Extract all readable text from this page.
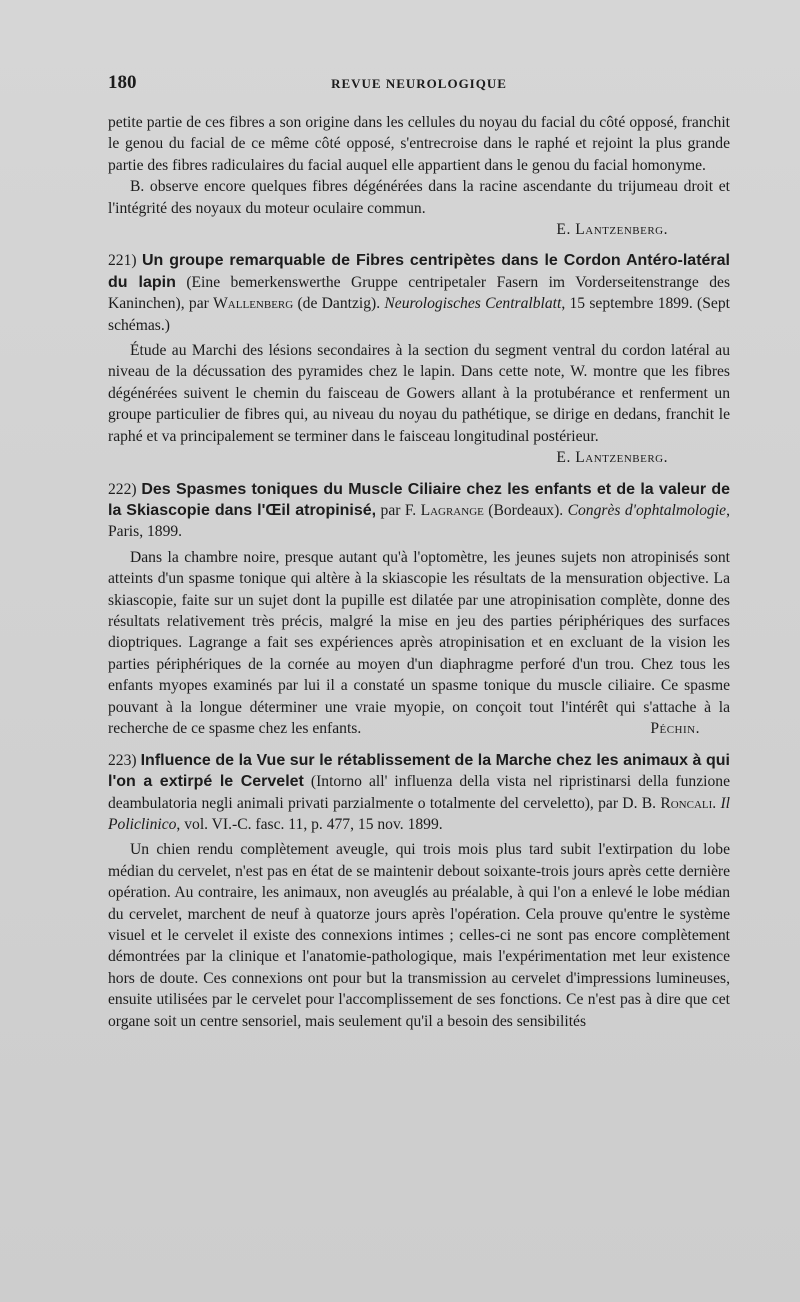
180	REVUE NEUROLOGIQUE

petite partie de ces fibres a son origine dans les cellules du noyau du facial du côté opposé, franchit le genou du facial de ce même côté opposé, s'entrecroise dans le raphé et rejoint la plus grande partie des fibres radiculaires du facial auquel elle appartient dans le genou du facial homonyme.

B. observe encore quelques fibres dégénérées dans la racine ascendante du trijumeau droit et l'intégrité des noyaux du moteur oculaire commun.

E. Lantzenberg.

221) Un groupe remarquable de Fibres centripètes dans le Cordon Antéro-latéral du lapin (Eine bemerkenswerthe Gruppe centripetaler Fasern im Vorderseitenstrange des Kaninchen), par Wallenberg (de Dantzig). Neurologisches Centralblatt, 15 septembre 1899. (Sept schémas.)

Étude au Marchi des lésions secondaires à la section du segment ventral du cordon latéral au niveau de la décussation des pyramides chez le lapin. Dans cette note, W. montre que les fibres dégénérées suivent le chemin du faisceau de Gowers allant à la protubérance et renferment un groupe particulier de fibres qui, au niveau du noyau du pathétique, se dirige en dedans, franchit le raphé et va principalement se terminer dans le faisceau longitudinal postérieur.

E. Lantzenberg.

222) Des Spasmes toniques du Muscle Ciliaire chez les enfants et de la valeur de la Skiascopie dans l'Œil atropinisé, par F. Lagrange (Bordeaux). Congrès d'ophtalmologie, Paris, 1899.

Dans la chambre noire, presque autant qu'à l'optomètre, les jeunes sujets non atropinisés sont atteints d'un spasme tonique qui altère à la skiascopie les résultats de la mensuration objective. La skiascopie, faite sur un sujet dont la pupille est dilatée par une atropinisation complète, donne des résultats relativement très précis, malgré la mise en jeu des parties périphériques des surfaces dioptriques. Lagrange a fait ses expériences après atropinisation et en excluant de la vision les parties périphériques de la cornée au moyen d'un diaphragme perforé d'un trou. Chez tous les enfants myopes examinés par lui il a constaté un spasme tonique du muscle ciliaire. Ce spasme pouvant à la longue déterminer une vraie myopie, on conçoit tout l'intérêt qui s'attache à la recherche de ce spasme chez les enfants.	Péchin.

223) Influence de la Vue sur le rétablissement de la Marche chez les animaux à qui l'on a extirpé le Cervelet (Intorno all' influenza della vista nel ripristinarsi della funzione deambulatoria negli animali privati parzialmente o totalmente del cerveletto), par D. B. Roncali. Il Policlinico, vol. VI.-C. fasc. 11, p. 477, 15 nov. 1899.

Un chien rendu complètement aveugle, qui trois mois plus tard subit l'extirpation du lobe médian du cervelet, n'est pas en état de se maintenir debout soixante-trois jours après cette dernière opération. Au contraire, les animaux, non aveuglés au préalable, à qui l'on a enlevé le lobe médian du cervelet, marchent de neuf à quatorze jours après l'opération. Cela prouve qu'entre le système visuel et le cervelet il existe des connexions intimes ; celles-ci ne sont pas encore complètement démontrées par la clinique et l'anatomie-pathologique, mais l'expérimentation met leur existence hors de doute. Ces connexions ont pour but la transmission au cervelet d'impressions lumineuses, ensuite utilisées par le cervelet pour l'accomplissement de ses fonctions. Ce n'est pas à dire que cet organe soit un centre sensoriel, mais seulement qu'il a besoin des sensibilités
